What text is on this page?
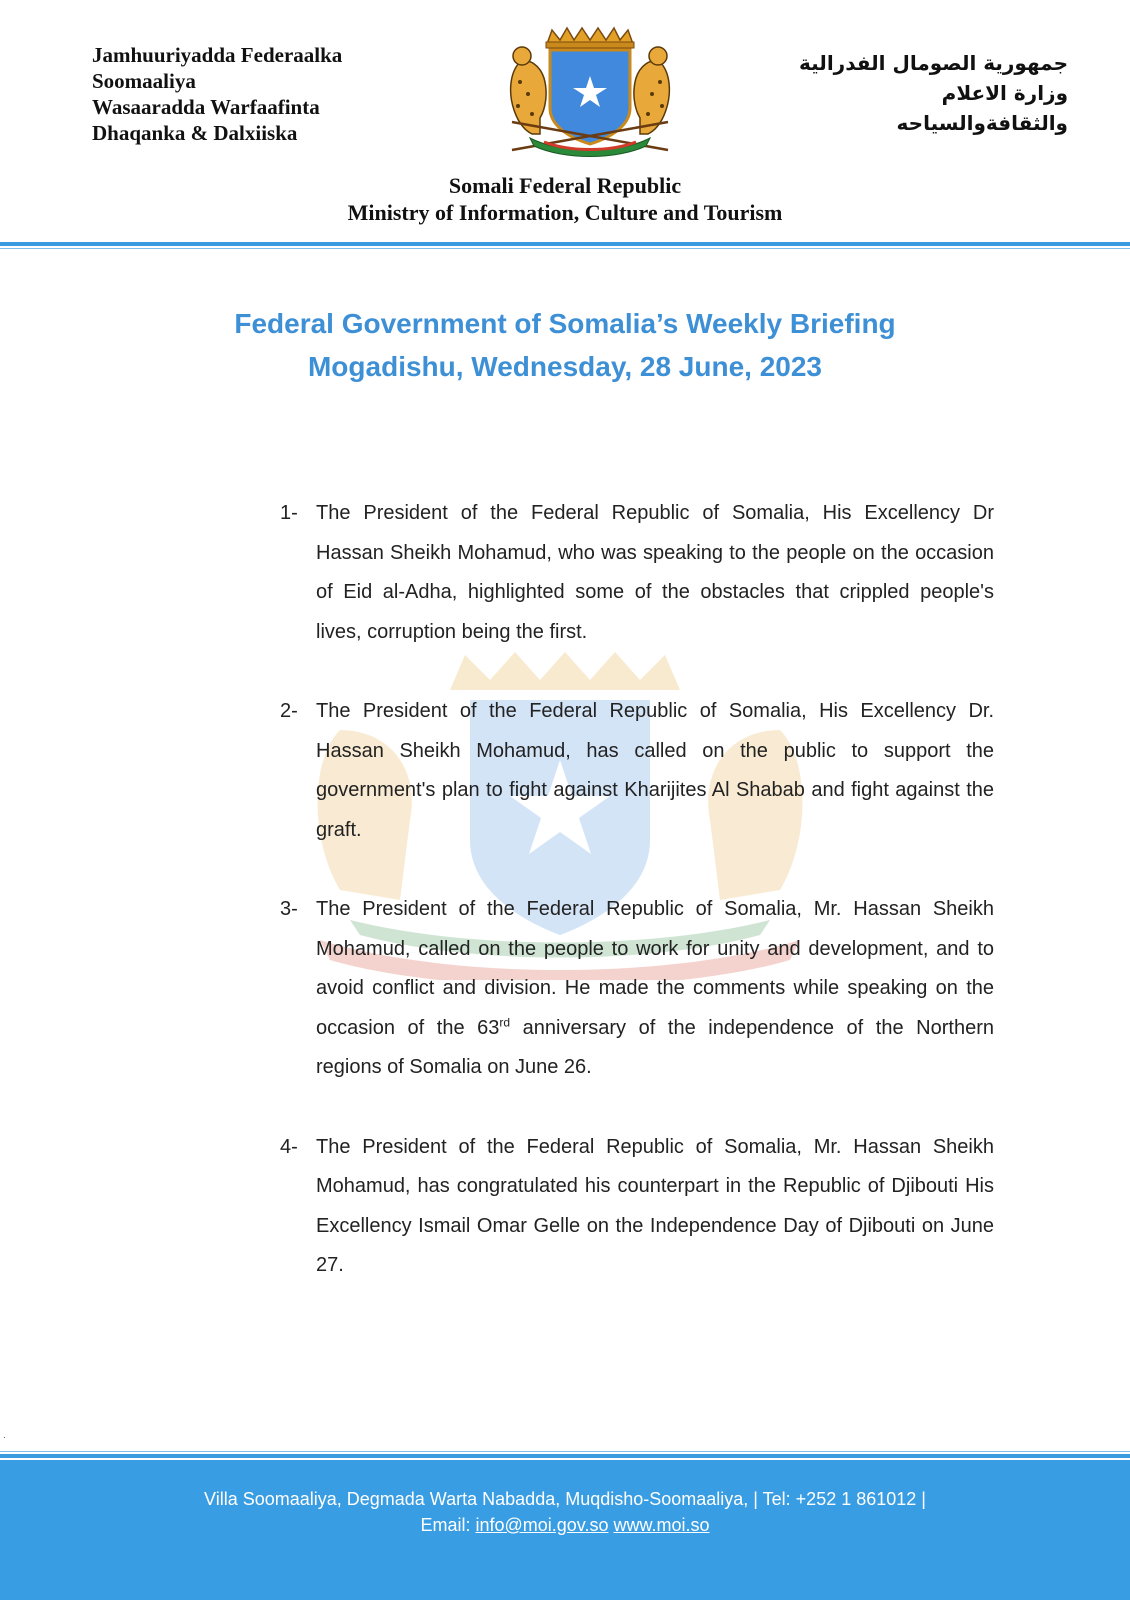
Jamhuuriyadda Federaalka
Soomaaliya
Wasaaradda Warfaafinta
Dhaqanka & Dalxiiska
جمهورية الصومال الفدرالية
وزارة الاعلام
والثقافةوالسياحه
Somali Federal Republic
Ministry of Information, Culture and Tourism
Federal Government of Somalia’s Weekly Briefing
Mogadishu, Wednesday, 28 June, 2023
1- The President of the Federal Republic of Somalia, His Excellency Dr Hassan Sheikh Mohamud, who was speaking to the people on the occasion of Eid al-Adha, highlighted some of the obstacles that crippled people's lives, corruption being the first.
2- The President of the Federal Republic of Somalia, His Excellency Dr. Hassan Sheikh Mohamud, has called on the public to support the government's plan to fight against Kharijites Al Shabab and fight against the graft.
3- The President of the Federal Republic of Somalia, Mr. Hassan Sheikh Mohamud, called on the people to work for unity and development, and to avoid conflict and division. He made the comments while speaking on the occasion of the 63rd anniversary of the independence of the Northern regions of Somalia on June 26.
4- The President of the Federal Republic of Somalia, Mr. Hassan Sheikh Mohamud, has congratulated his counterpart in the Republic of Djibouti His Excellency Ismail Omar Gelle on the Independence Day of Djibouti on June 27.
.
Villa Soomaaliya, Degmada Warta Nabadda, Muqdisho-Soomaaliya, | Tel: +252 1 861012 |
Email: info@moi.gov.so www.moi.so
